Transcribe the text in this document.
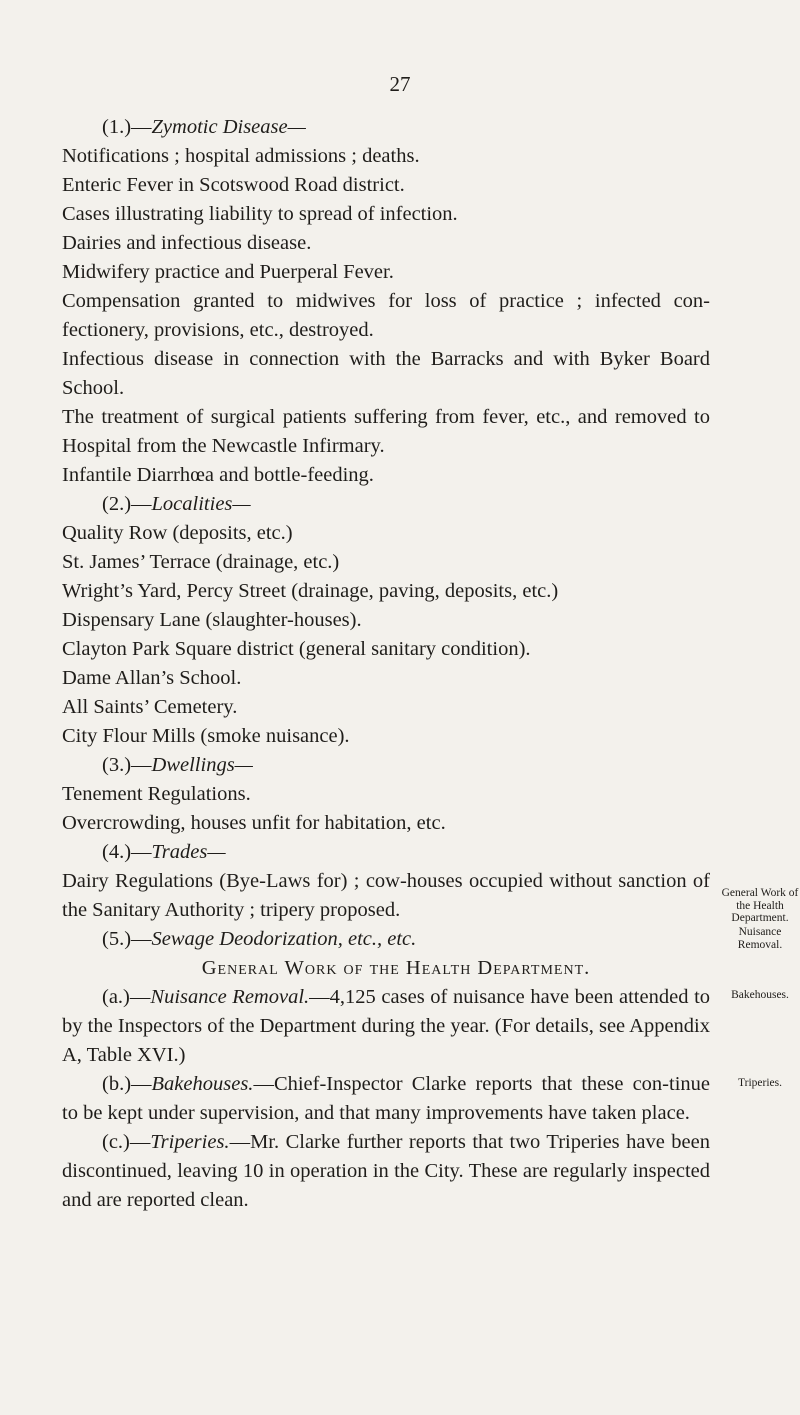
27

(1.)—Zymotic Disease—

Notifications ; hospital admissions ; deaths.

Enteric Fever in Scotswood Road district.

Cases illustrating liability to spread of infection.

Dairies and infectious disease.

Midwifery practice and Puerperal Fever.

Compensation granted to midwives for loss of practice ; infected con-fectionery, provisions, etc., destroyed.

Infectious disease in connection with the Barracks and with Byker Board School.

The treatment of surgical patients suffering from fever, etc., and removed to Hospital from the Newcastle Infirmary.

Infantile Diarrhœa and bottle-feeding.

(2.)—Localities—

Quality Row (deposits, etc.)

St. James’ Terrace (drainage, etc.)

Wright’s Yard, Percy Street (drainage, paving, deposits, etc.)

Dispensary Lane (slaughter-houses).

Clayton Park Square district (general sanitary condition).

Dame Allan’s School.

All Saints’ Cemetery.

City Flour Mills (smoke nuisance).

(3.)—Dwellings—

Tenement Regulations.

Overcrowding, houses unfit for habitation, etc.

(4.)—Trades—

Dairy Regulations (Bye-Laws for) ; cow-houses occupied without sanction of the Sanitary Authority ; tripery proposed.

(5.)—Sewage Deodorization, etc., etc.

General Work of the Health Department.

(a.)—Nuisance Removal.—4,125 cases of nuisance have been attended to by the Inspectors of the Department during the year. (For details, see Appendix A, Table XVI.)

(b.)—Bakehouses.—Chief-Inspector Clarke reports that these con-tinue to be kept under supervision, and that many improvements have taken place.

(c.)—Triperies.—Mr. Clarke further reports that two Triperies have been discontinued, leaving 10 in operation in the City. These are regularly inspected and are reported clean.

General Work of the Health Department.
Nuisance Removal.
Bakehouses.
Triperies.
